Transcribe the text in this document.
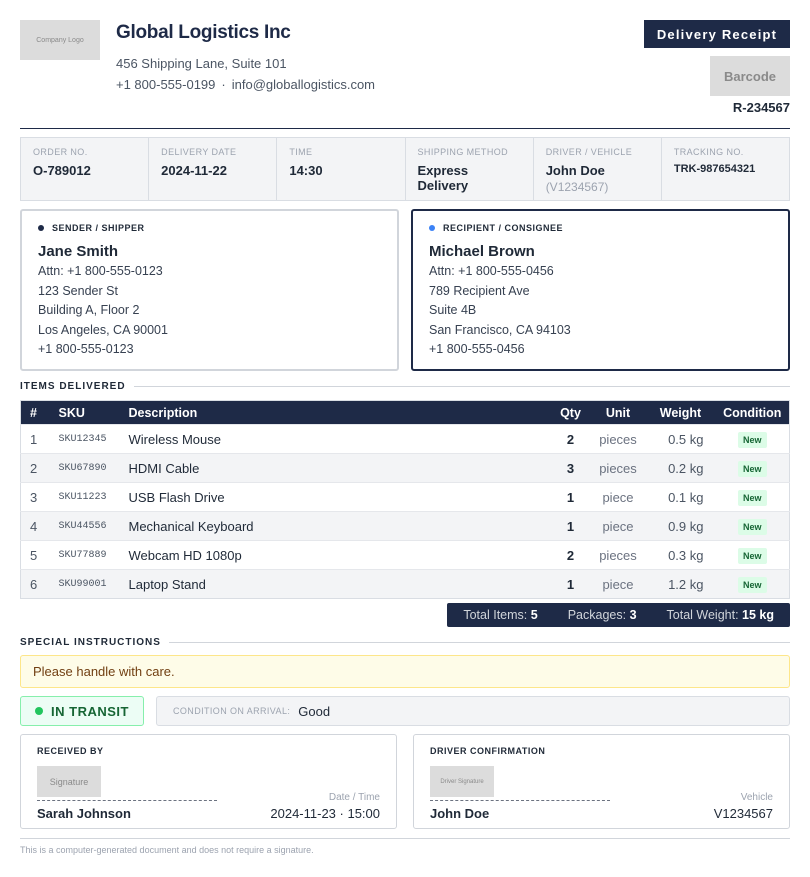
Company Logo	Global Logistics Inc
456 Shipping Lane, Suite 101
+1 800-555-0199 · info@globallogistics.com
Delivery Receipt
Barcode
R-234567
ORDER NO.
O-789012
DELIVERY DATE
2024-11-22
TIME
14:30
SHIPPING METHOD
Express Delivery
DRIVER / VEHICLE
John Doe
(V1234567)
TRACKING NO.
TRK-987654321
SENDER / SHIPPER
Jane Smith
Attn: +1 800-555-0123
123 Sender St
Building A, Floor 2
Los Angeles, CA 90001
+1 800-555-0123
RECIPIENT / CONSIGNEE
Michael Brown
Attn: +1 800-555-0456
789 Recipient Ave
Suite 4B
San Francisco, CA 94103
+1 800-555-0456
ITEMS DELIVERED
#	SKU	Description	Qty	Unit	Weight	Condition
1	SKU12345	Wireless Mouse	2	pieces	0.5 kg	New
2	SKU67890	HDMI Cable	3	pieces	0.2 kg	New
3	SKU11223	USB Flash Drive	1	piece	0.1 kg	New
4	SKU44556	Mechanical Keyboard	1	piece	0.9 kg	New
5	SKU77889	Webcam HD 1080p	2	pieces	0.3 kg	New
6	SKU99001	Laptop Stand	1	piece	1.2 kg	New
Total Items: 5 Packages: 3 Total Weight: 15 kg
SPECIAL INSTRUCTIONS
Please handle with care.
IN TRANSIT	CONDITION ON ARRIVAL: Good
RECEIVED BY
Signature
Sarah Johnson
Date / Time
2024-11-23 · 15:00
DRIVER CONFIRMATION
Driver Signature
John Doe
Vehicle
V1234567
This is a computer-generated document and does not require a signature.
